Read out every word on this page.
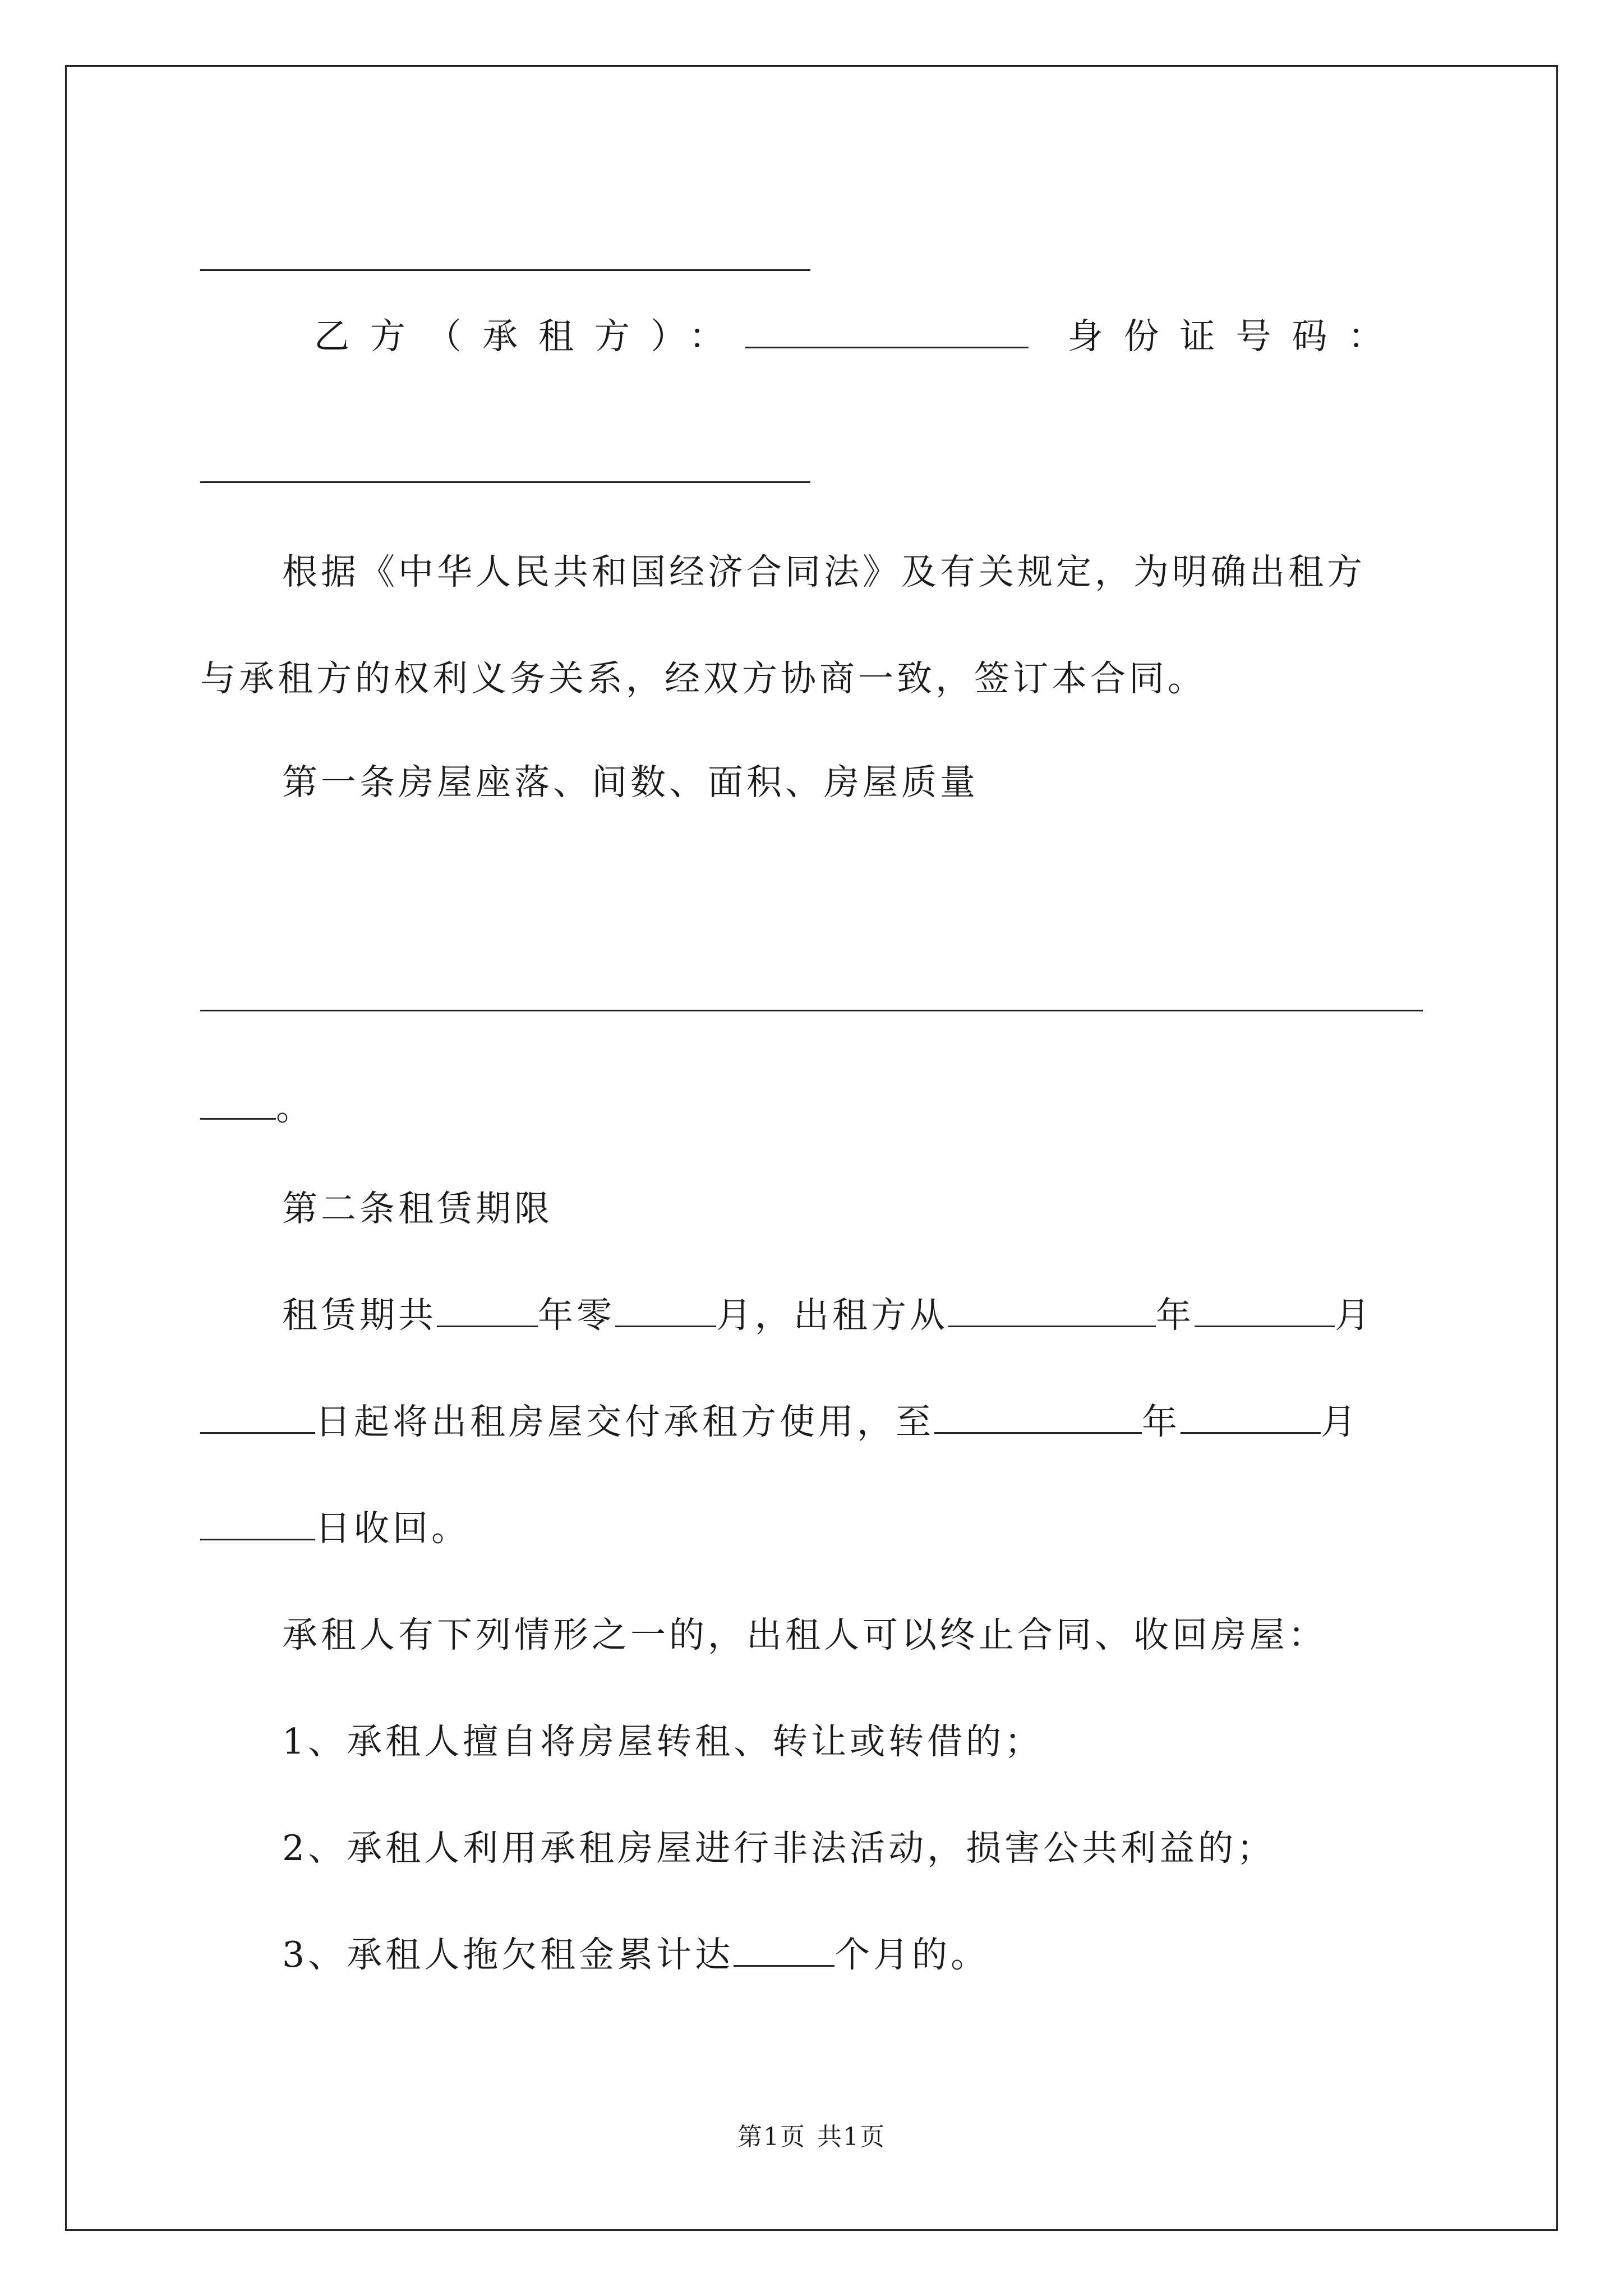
乙方（承租方）：	身份证号码：
根据《中华人民共和国经济合同法》及有关规定，为明确出租方
与承租方的权利义务关系，经双方协商一致，签订本合同。
第一条房屋座落、间数、面积、房屋质量
。
第二条租赁期限
租赁期共	年零	月，出租方从	年	月
日起将出租房屋交付承租方使用，至	年	月
日收回。
承租人有下列情形之一的，出租人可以终止合同、收回房屋：
1、承租人擅自将房屋转租、转让或转借的；
2、承租人利用承租房屋进行非法活动，损害公共利益的；
3、承租人拖欠租金累计达	个月的。
第1页 共1页
